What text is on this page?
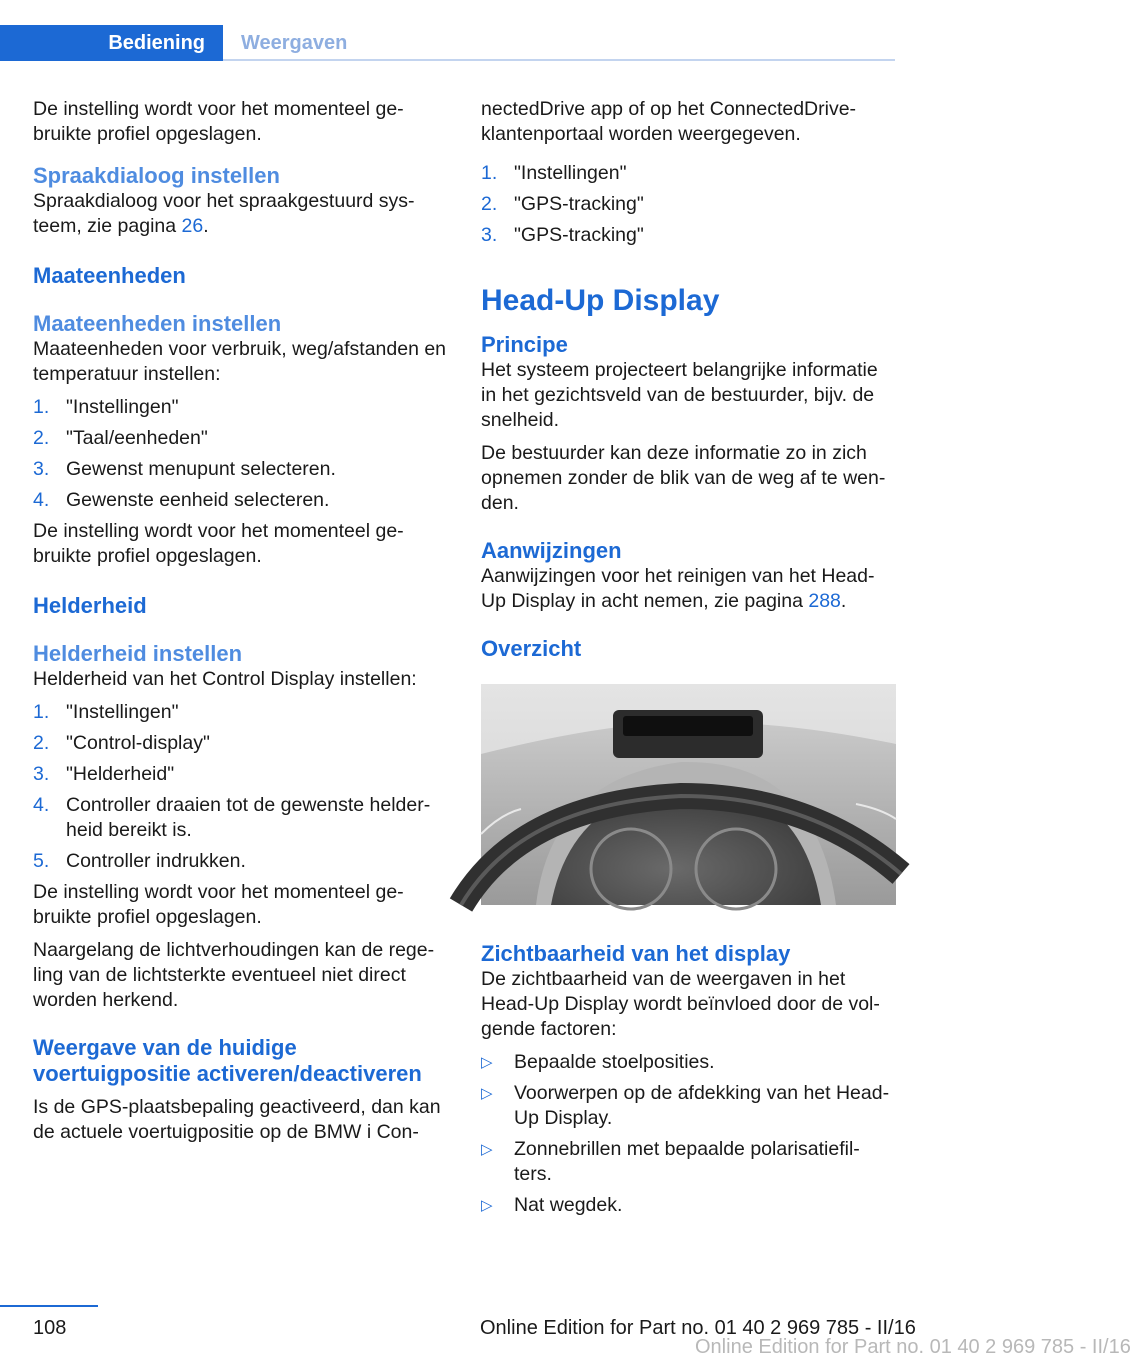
Bediening Weergaven

De instelling wordt voor het momenteel ge-bruikte profiel opgeslagen.

Spraakdialoog instellen

Spraakdialoog voor het spraakgestuurd sys-teem, zie pagina 26.

Maateenheden
Maateenheden instellen

Maateenheden voor verbruik, weg/afstanden en temperatuur instellen:

1. "Instellingen"
2. "Taal/eenheden"
3. Gewenst menupunt selecteren.
4. Gewenste eenheid selecteren.

De instelling wordt voor het momenteel ge-bruikte profiel opgeslagen.

Helderheid
Helderheid instellen

Helderheid van het Control Display instellen:

1. "Instellingen"
2. "Control-display"
3. "Helderheid"
4. Controller draaien tot de gewenste helder-heid bereikt is.
5. Controller indrukken.

De instelling wordt voor het momenteel ge-bruikte profiel opgeslagen.

Naargelang de lichtverhoudingen kan de rege-ling van de lichtsterkte eventueel niet direct worden herkend.

Weergave van de huidige voertuigpositie activeren/deactiveren

Is de GPS-plaatsbepaling geactiveerd, dan kan de actuele voertuigpositie op de BMW i Con-

nectedDrive app of op het ConnectedDrive-klantenportaal worden weergegeven.

1. "Instellingen"
2. "GPS-tracking"
3. "GPS-tracking"
Head-Up Display
Principe

Het systeem projecteert belangrijke informatie in het gezichtsveld van de bestuurder, bijv. de snelheid.

De bestuurder kan deze informatie zo in zich opnemen zonder de blik van de weg af te wen-den.

Aanwijzingen

Aanwijzingen voor het reinigen van het Head-Up Display in acht nemen, zie pagina 288.

Overzicht
Zichtbaarheid van het display

De zichtbaarheid van de weergaven in het Head-Up Display wordt beïnvloed door de vol-gende factoren:

▷ Bepaalde stoelposities.
▷ Voorwerpen op de afdekking van het Head-Up Display.
▷ Zonnebrillen met bepaalde polarisatiefil-ters.
▷ Nat wegdek.
108	Online Edition for Part no. 01 40 2 969 785 - II/16
Online Edition for Part no. 01 40 2 969 785 - II/16
